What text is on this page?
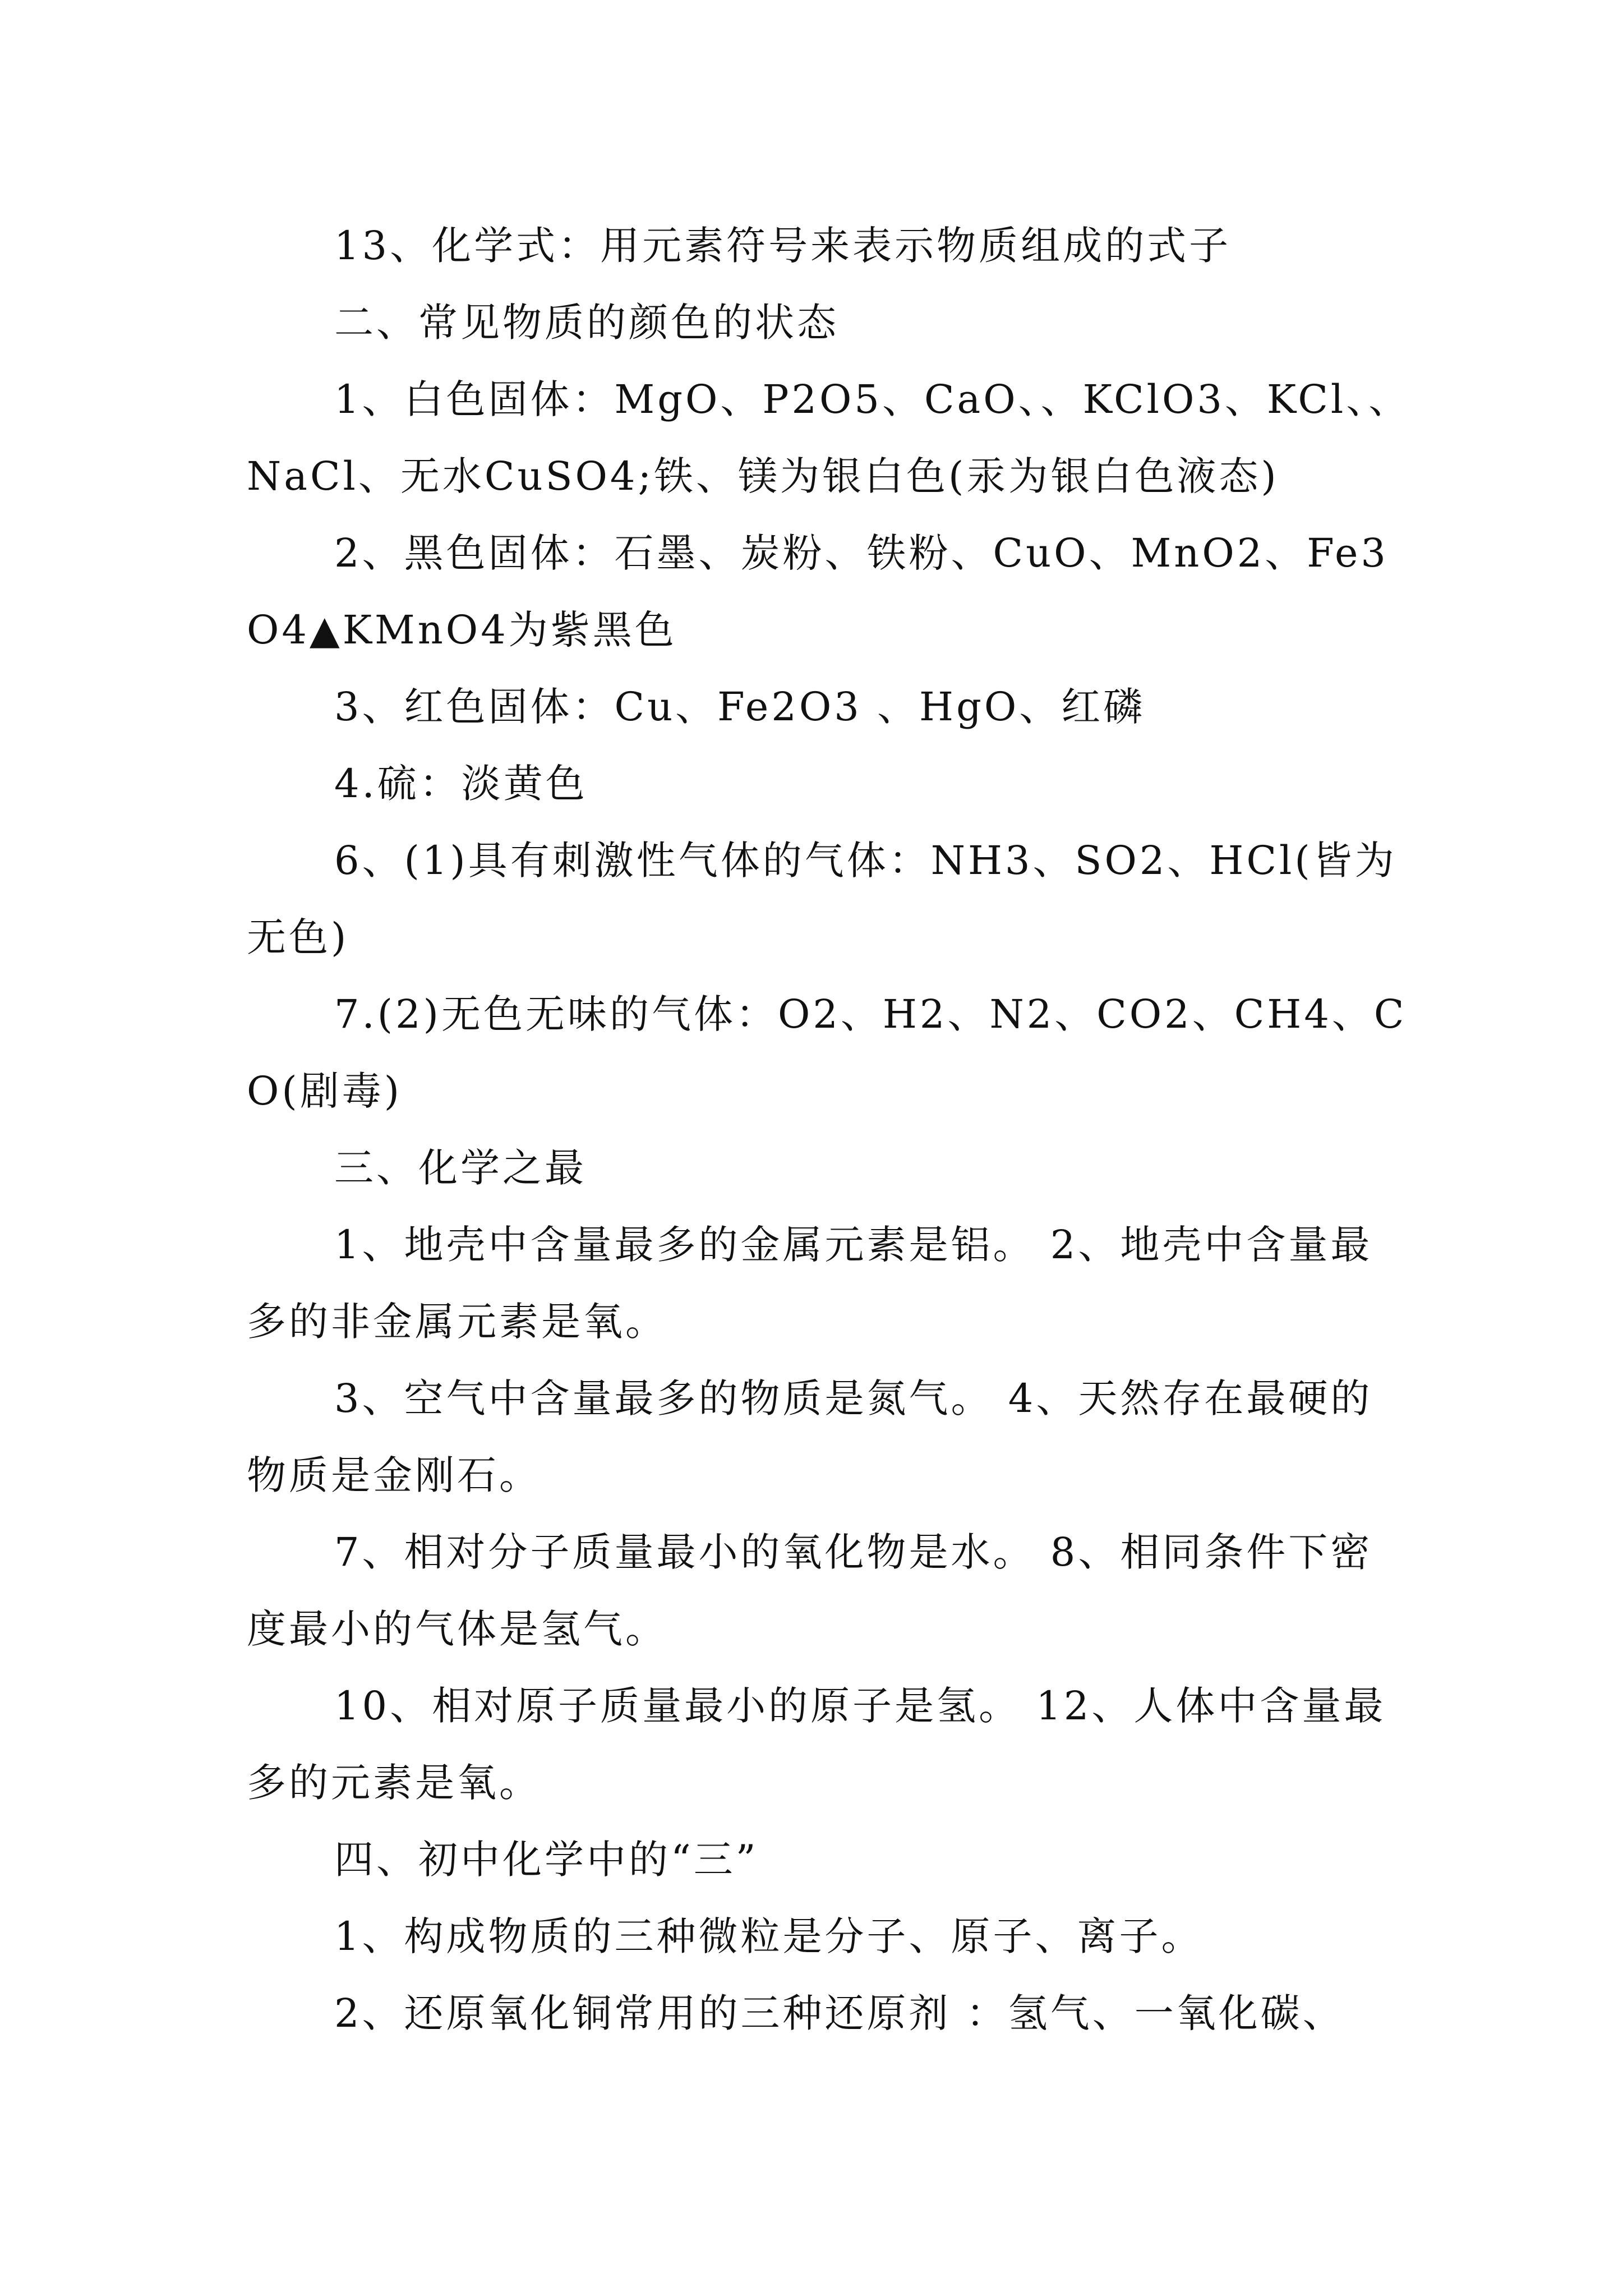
13、化学式：用元素符号来表示物质组成的式子

二、常见物质的颜色的状态

1、白色固体：MgO、P2O5、CaO、、KClO3、KCl、、NaCl、无水CuSO4;铁、镁为银白色(汞为银白色液态)

2、黑色固体：石墨、炭粉、铁粉、CuO、MnO2、Fe3O4▲KMnO4为紫黑色

3、红色固体：Cu、Fe2O3 、HgO、红磷

4.硫：淡黄色

6、(1)具有刺激性气体的气体：NH3、SO2、HCl(皆为无色)

7.(2)无色无味的气体：O2、H2、N2、CO2、CH4、CO(剧毒)

三、化学之最

1、地壳中含量最多的金属元素是铝。 2、地壳中含量最多的非金属元素是氧。

3、空气中含量最多的物质是氮气。 4、天然存在最硬的物质是金刚石。

7、相对分子质量最小的氧化物是水。 8、相同条件下密度最小的气体是氢气。

10、相对原子质量最小的原子是氢。 12、人体中含量最多的元素是氧。

四、初中化学中的“三”

1、构成物质的三种微粒是分子、原子、离子。

2、还原氧化铜常用的三种还原剂 ：氢气、一氧化碳、
